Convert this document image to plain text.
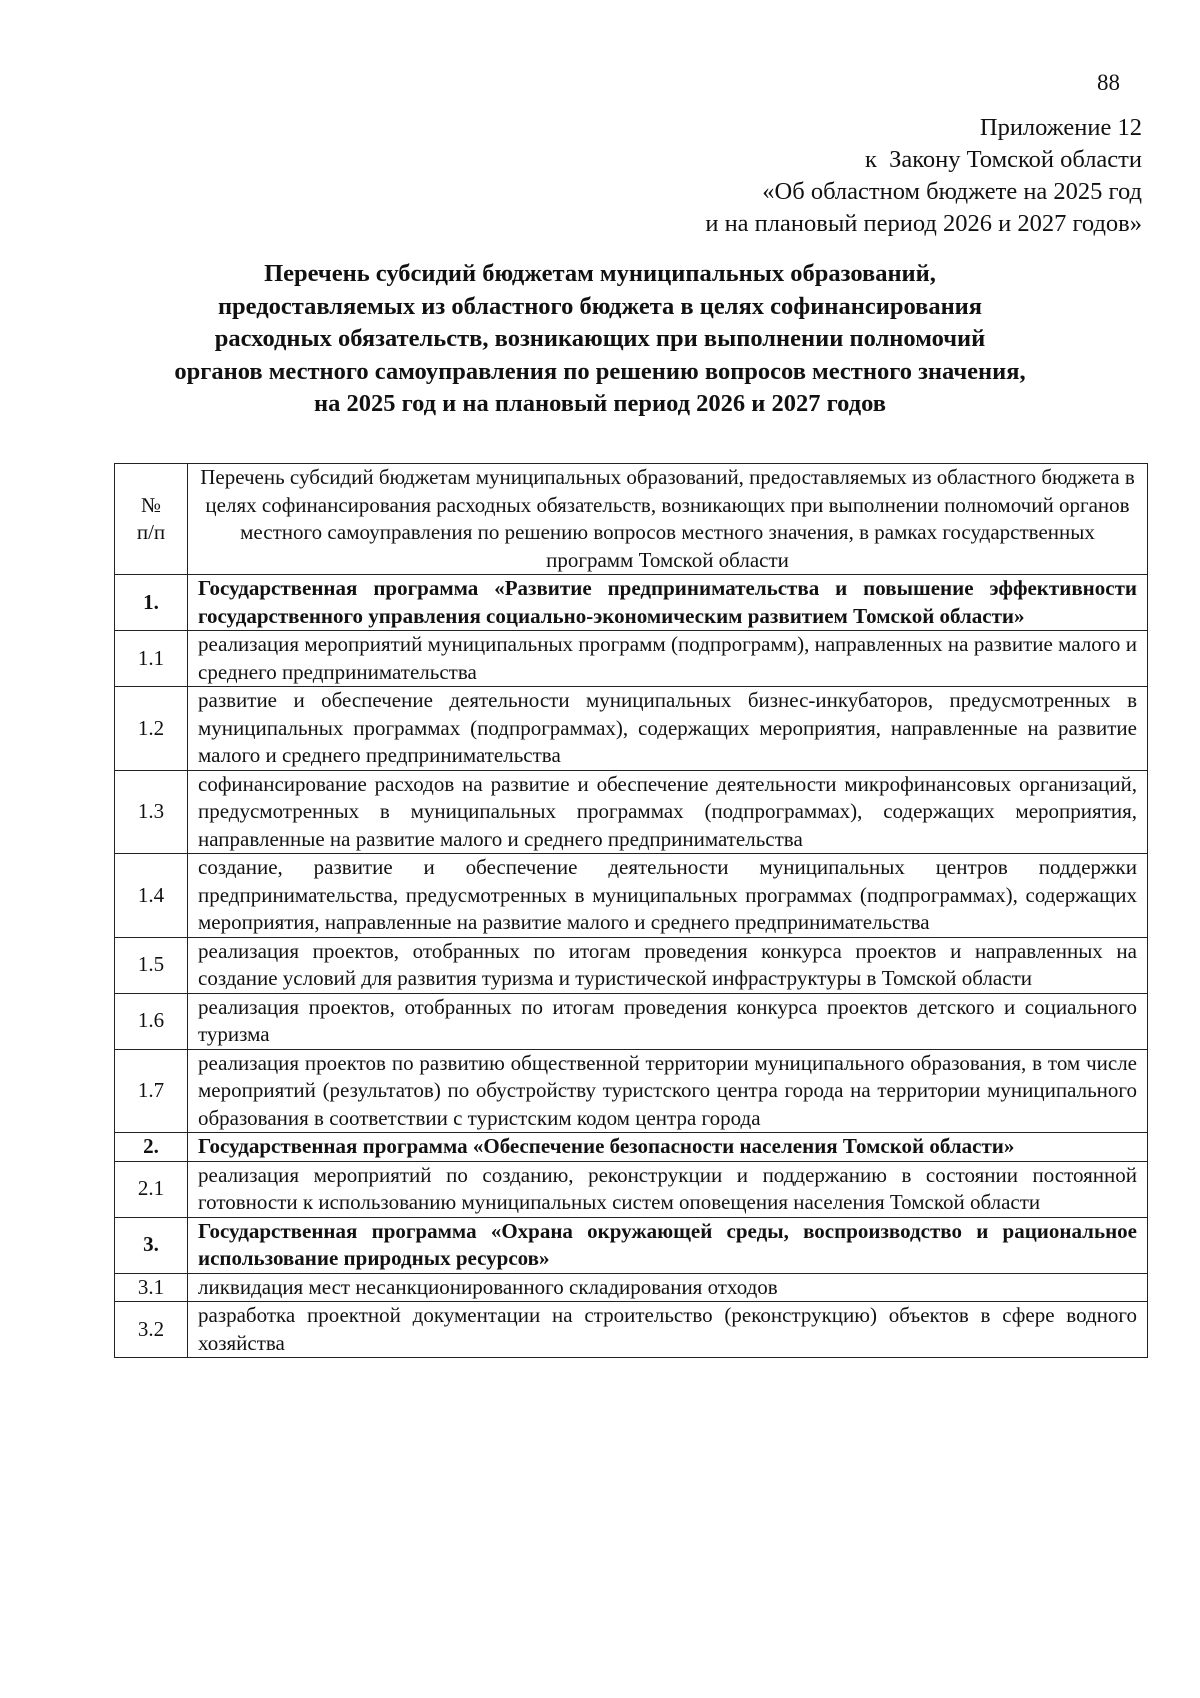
88
Приложение 12
к  Закону Томской области
«Об областном бюджете на 2025 год
и на плановый период 2026 и 2027 годов»
Перечень субсидий бюджетам муниципальных образований,
предоставляемых из областного бюджета в целях софинансирования
расходных обязательств, возникающих при выполнении полномочий
органов местного самоуправления по решению вопросов местного значения,
на 2025 год и на плановый период 2026 и 2027 годов
№
п/п	Перечень субсидий бюджетам муниципальных образований, предоставляемых из областного бюджета в целях софинансирования расходных обязательств, возникающих при выполнении полномочий органов местного самоуправления по решению вопросов местного значения, в рамках государственных программ Томской области
1.	Государственная программа «Развитие предпринимательства и повышение эффективности государственного управления социально-экономическим развитием Томской области»
1.1	реализация мероприятий муниципальных программ (подпрограмм), направленных на развитие малого и среднего предпринимательства
1.2	развитие и обеспечение деятельности муниципальных бизнес-инкубаторов, предусмотренных в муниципальных программах (подпрограммах), содержащих мероприятия, направленные на развитие малого и среднего предпринимательства
1.3	софинансирование расходов на развитие и обеспечение деятельности микрофинансовых организаций, предусмотренных в муниципальных программах (подпрограммах), содержащих мероприятия, направленные на развитие малого и среднего предпринимательства
1.4	создание, развитие и обеспечение деятельности муниципальных центров поддержки предпринимательства, предусмотренных в муниципальных программах (подпрограммах), содержащих мероприятия, направленные на развитие малого и среднего предпринимательства
1.5	реализация проектов, отобранных по итогам проведения конкурса проектов и направленных на создание условий для развития туризма и туристической инфраструктуры в Томской области
1.6	реализация проектов, отобранных по итогам проведения конкурса проектов детского и социального туризма
1.7	реализация проектов по развитию общественной территории муниципального образования, в том числе мероприятий (результатов) по обустройству туристского центра города на территории муниципального образования в соответствии с туристским кодом центра города
2.	Государственная программа «Обеспечение безопасности населения Томской области»
2.1	реализация мероприятий по созданию, реконструкции и поддержанию в состоянии постоянной готовности к использованию муниципальных систем оповещения населения Томской области
3.	Государственная программа «Охрана окружающей среды, воспроизводство и рациональное использование природных ресурсов»
3.1	ликвидация мест несанкционированного складирования отходов
3.2	разработка проектной документации на строительство (реконструкцию) объектов в сфере водного хозяйства
